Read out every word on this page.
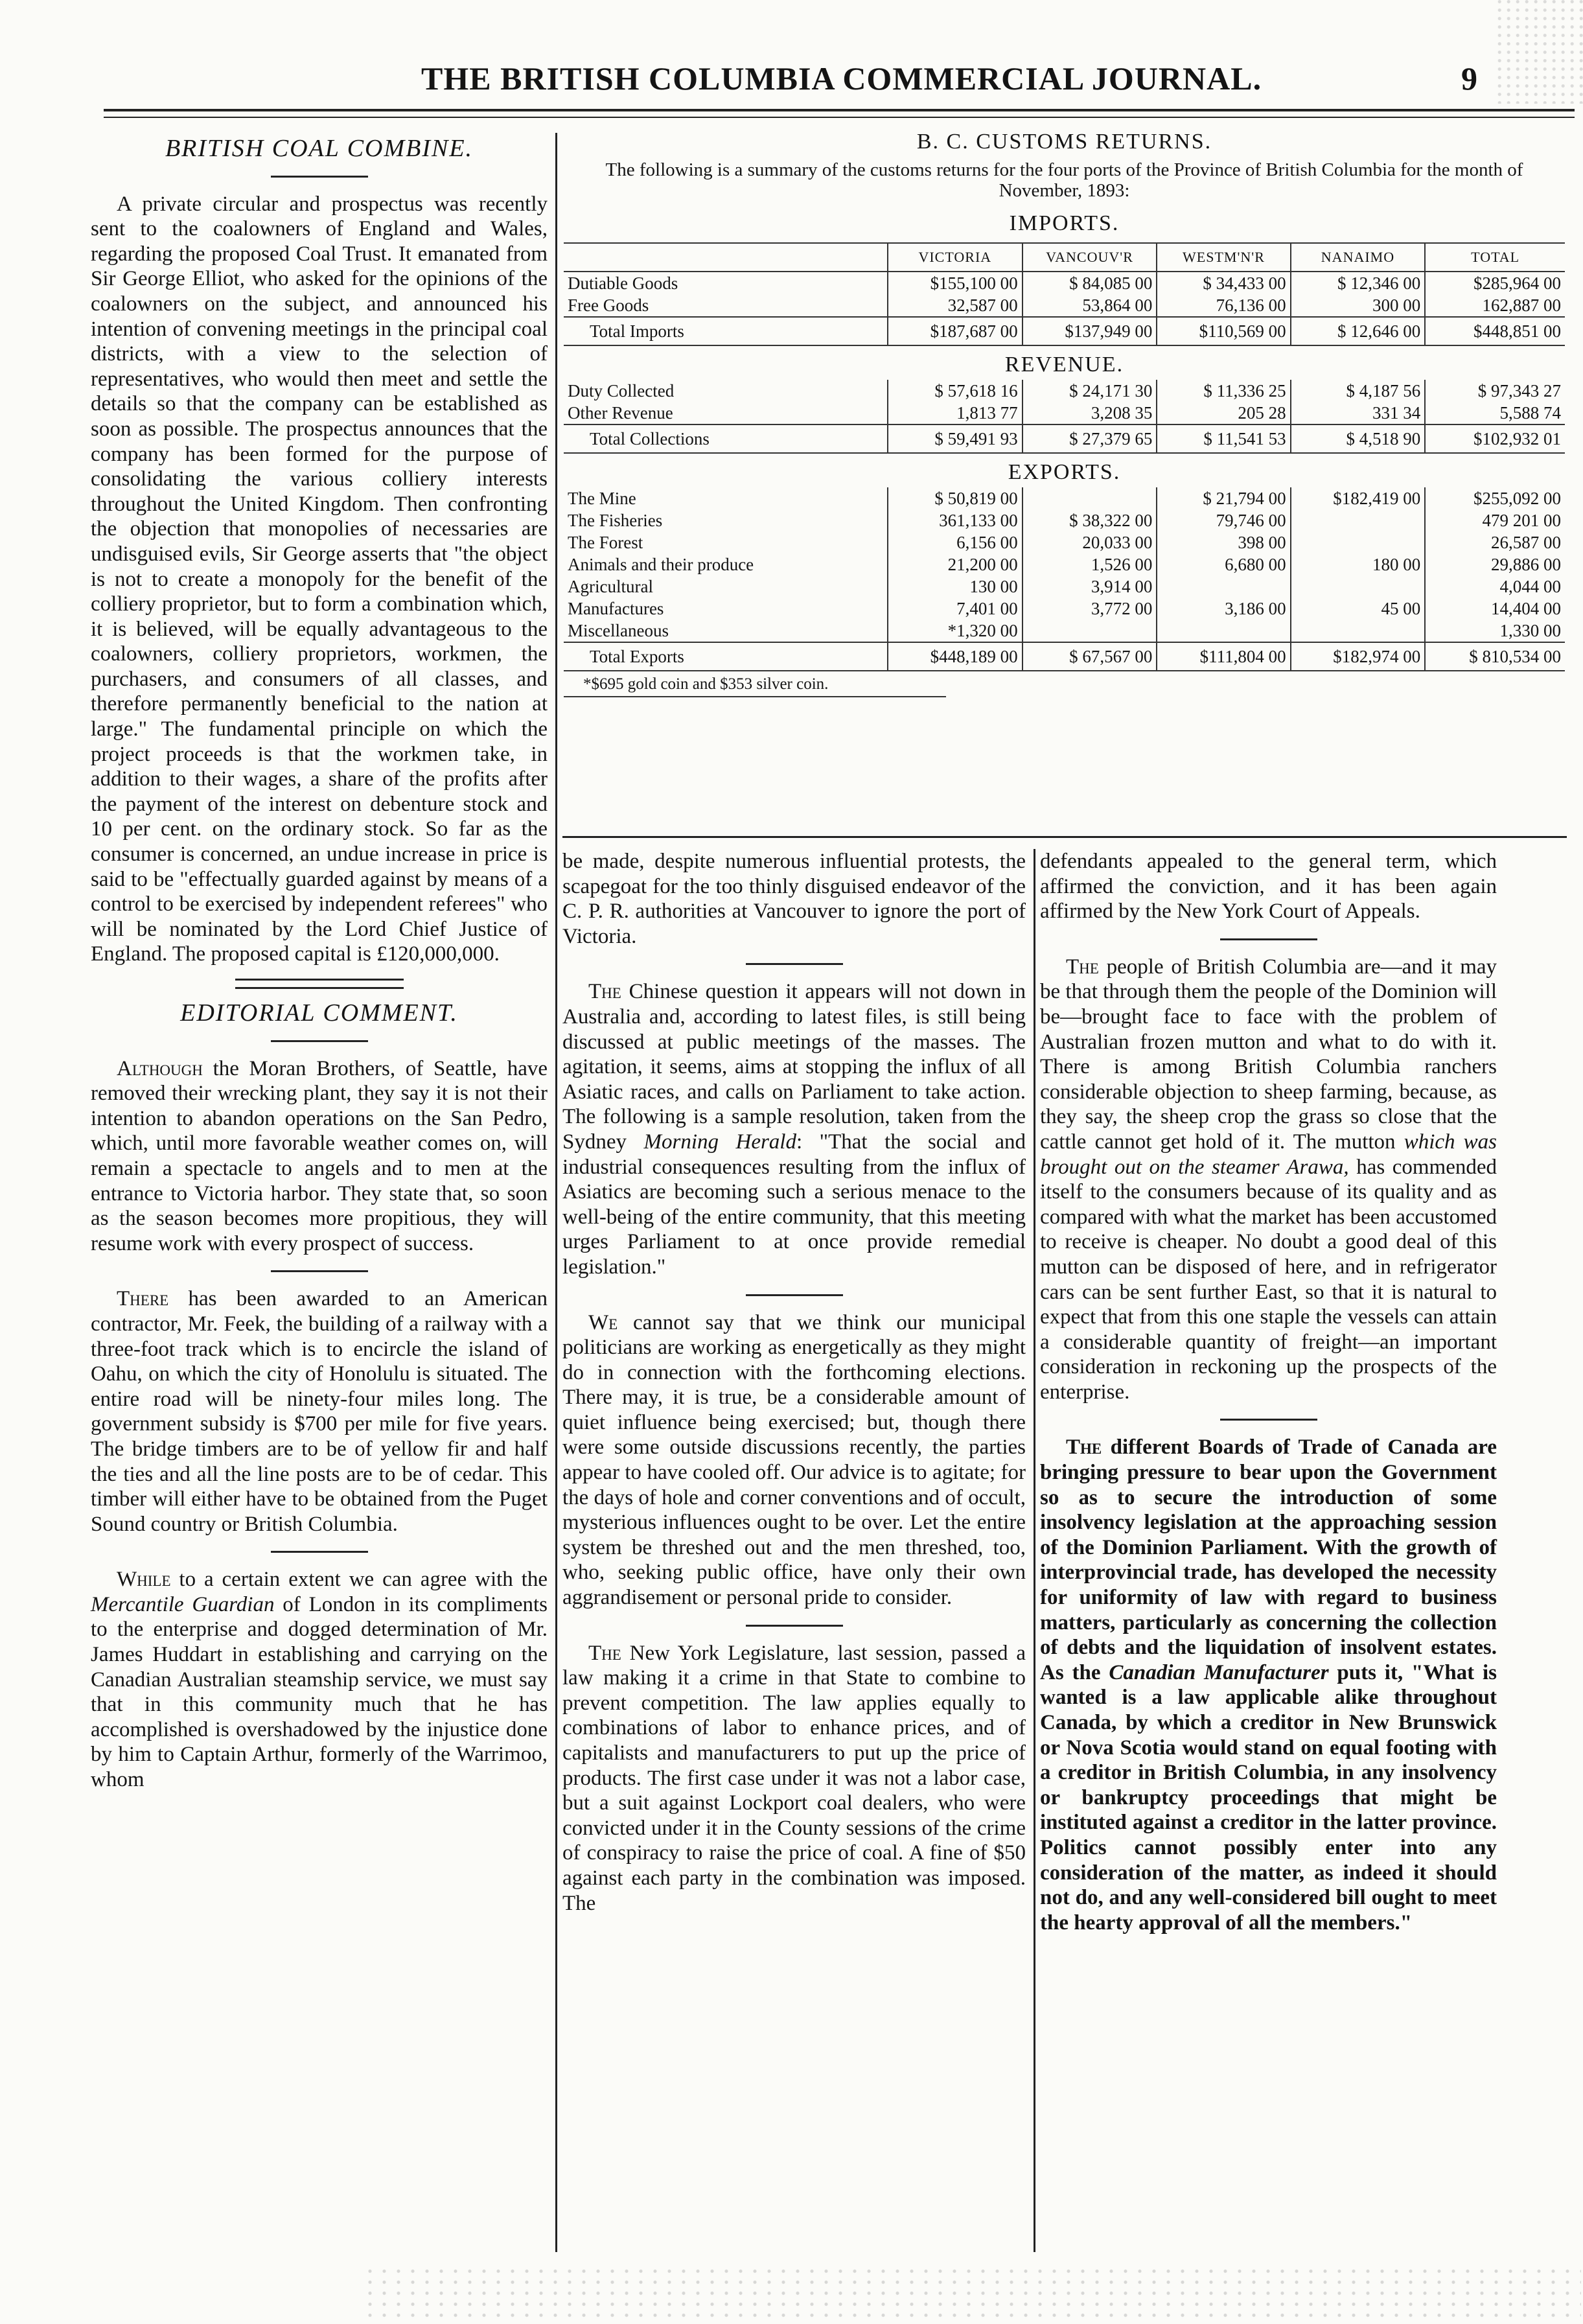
THE BRITISH COLUMBIA COMMERCIAL JOURNAL.	9
BRITISH COAL COMBINE.

A private circular and prospectus was recently sent to the coalowners of England and Wales, regarding the proposed Coal Trust. It emanated from Sir George Elliot, who asked for the opinions of the coalowners on the subject, and announced his intention of convening meetings in the principal coal districts, with a view to the selection of representatives, who would then meet and settle the details so that the company can be established as soon as possible. The prospectus announces that the company has been formed for the purpose of consolidating the various colliery interests throughout the United Kingdom. Then confronting the objection that monopolies of necessaries are undisguised evils, Sir George asserts that "the object is not to create a monopoly for the benefit of the colliery proprietor, but to form a combination which, it is believed, will be equally advantageous to the coalowners, colliery proprietors, workmen, the purchasers, and consumers of all classes, and therefore permanently beneficial to the nation at large." The fundamental principle on which the project proceeds is that the workmen take, in addition to their wages, a share of the profits after the payment of the interest on debenture stock and 10 per cent. on the ordinary stock. So far as the consumer is concerned, an undue increase in price is said to be "effectually guarded against by means of a control to be exercised by independent referees" who will be nominated by the Lord Chief Justice of England. The proposed capital is £120,000,000.

EDITORIAL COMMENT.

Although the Moran Brothers, of Seattle, have removed their wrecking plant, they say it is not their intention to abandon operations on the San Pedro, which, until more favorable weather comes on, will remain a spectacle to angels and to men at the entrance to Victoria harbor. They state that, so soon as the season becomes more propitious, they will resume work with every prospect of success.

There has been awarded to an American contractor, Mr. Feek, the building of a railway with a three-foot track which is to encircle the island of Oahu, on which the city of Honolulu is situated. The entire road will be ninety-four miles long. The government subsidy is $700 per mile for five years. The bridge timbers are to be of yellow fir and half the ties and all the line posts are to be of cedar. This timber will either have to be obtained from the Puget Sound country or British Columbia.

While to a certain extent we can agree with the Mercantile Guardian of London in its compliments to the enterprise and dogged determination of Mr. James Huddart in establishing and carrying on the Canadian Australian steamship service, we must say that in this community much that he has accomplished is overshadowed by the injustice done by him to Captain Arthur, formerly of the Warrimoo, whom

B. C. CUSTOMS RETURNS.
The following is a summary of the customs returns for the four ports of the Province of British Columbia for the month of November, 1893:
IMPORTS.
	VICTORIA	VANCOUV'R	WESTM'N'R	NANAIMO	TOTAL
Dutiable Goods	$155,100 00	$ 84,085 00	$ 34,433 00	$ 12,346 00	$285,964 00
Free Goods	32,587 00	53,864 00	76,136 00	300 00	162,887 00
Total Imports	$187,687 00	$137,949 00	$110,569 00	$ 12,646 00	$448,851 00
REVENUE.					
Duty Collected	$ 57,618 16	$ 24,171 30	$ 11,336 25	$ 4,187 56	$ 97,343 27
Other Revenue	1,813 77	3,208 35	205 28	331 34	5,588 74
Total Collections	$ 59,491 93	$ 27,379 65	$ 11,541 53	$ 4,518 90	$102,932 01
EXPORTS.					
The Mine	$ 50,819 00		$ 21,794 00	$182,419 00	$255,092 00
The Fisheries	361,133 00	$ 38,322 00	79,746 00		479 201 00
The Forest	6,156 00	20,033 00	398 00		26,587 00
Animals and their produce	21,200 00	1,526 00	6,680 00	180 00	29,886 00
Agricultural	130 00	3,914 00			4,044 00
Manufactures	7,401 00	3,772 00	3,186 00	45 00	14,404 00
Miscellaneous	*1,320 00				1,330 00
Total Exports	$448,189 00	$ 67,567 00	$111,804 00	$182,974 00	$ 810,534 00
*$695 gold coin and $353 silver coin.

be made, despite numerous influential protests, the scapegoat for the too thinly disguised endeavor of the C. P. R. authorities at Vancouver to ignore the port of Victoria.

The Chinese question it appears will not down in Australia and, according to latest files, is still being discussed at public meetings of the masses. The agitation, it seems, aims at stopping the influx of all Asiatic races, and calls on Parliament to take action. The following is a sample resolution, taken from the Sydney Morning Herald: "That the social and industrial consequences resulting from the influx of Asiatics are becoming such a serious menace to the well-being of the entire community, that this meeting urges Parliament to at once provide remedial legislation."

We cannot say that we think our municipal politicians are working as energetically as they might do in connection with the forthcoming elections. There may, it is true, be a considerable amount of quiet influence being exercised; but, though there were some outside discussions recently, the parties appear to have cooled off. Our advice is to agitate; for the days of hole and corner conventions and of occult, mysterious influences ought to be over. Let the entire system be threshed out and the men threshed, too, who, seeking public office, have only their own aggrandisement or personal pride to consider.

The New York Legislature, last session, passed a law making it a crime in that State to combine to prevent competition. The law applies equally to combinations of labor to enhance prices, and of capitalists and manufacturers to put up the price of products. The first case under it was not a labor case, but a suit against Lockport coal dealers, who were convicted under it in the County sessions of the crime of conspiracy to raise the price of coal. A fine of $50 against each party in the combination was imposed. The

defendants appealed to the general term, which affirmed the conviction, and it has been again affirmed by the New York Court of Appeals.

The people of British Columbia are—and it may be that through them the people of the Dominion will be—brought face to face with the problem of Australian frozen mutton and what to do with it. There is among British Columbia ranchers considerable objection to sheep farming, because, as they say, the sheep crop the grass so close that the cattle cannot get hold of it. The mutton which was brought out on the steamer Arawa, has commended itself to the consumers because of its quality and as compared with what the market has been accustomed to receive is cheaper. No doubt a good deal of this mutton can be disposed of here, and in refrigerator cars can be sent further East, so that it is natural to expect that from this one staple the vessels can attain a considerable quantity of freight—an important consideration in reckoning up the prospects of the enterprise.

The different Boards of Trade of Canada are bringing pressure to bear upon the Government so as to secure the introduction of some insolvency legislation at the approaching session of the Dominion Parliament. With the growth of interprovincial trade, has developed the necessity for uniformity of law with regard to business matters, particularly as concerning the collection of debts and the liquidation of insolvent estates. As the Canadian Manufacturer puts it, "What is wanted is a law applicable alike throughout Canada, by which a creditor in New Brunswick or Nova Scotia would stand on equal footing with a creditor in British Columbia, in any insolvency or bankruptcy proceedings that might be instituted against a creditor in the latter province. Politics cannot possibly enter into any consideration of the matter, as indeed it should not do, and any well-considered bill ought to meet the hearty approval of all the members."
